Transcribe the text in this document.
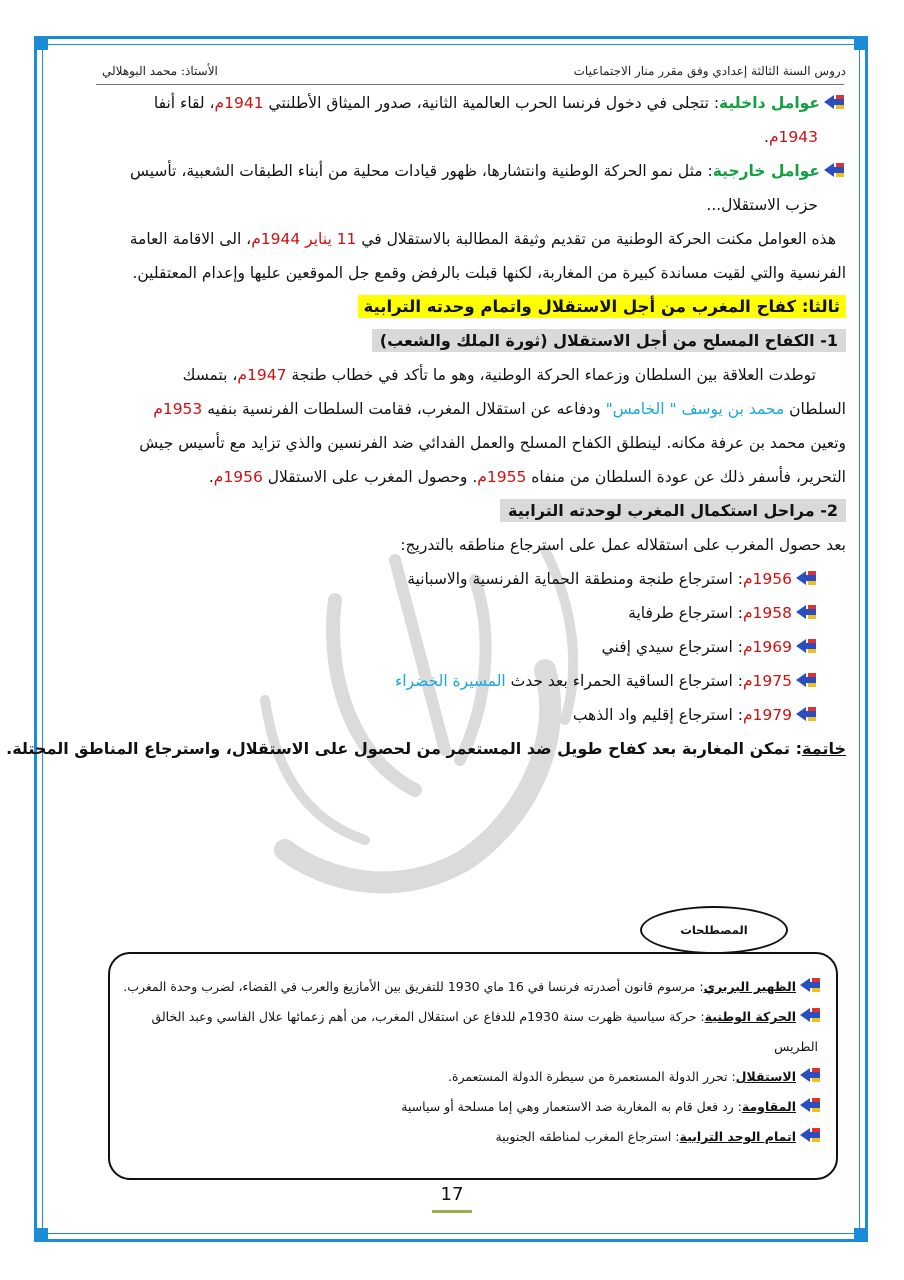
الأستاذ: محمد البوهلالي	دروس السنة الثالثة إعدادي وفق مقرر منار الاجتماعيات
عوامل داخلية: تتجلى في دخول فرنسا الحرب العالمية الثانية، صدور الميثاق الأطلنتي 1941م، لقاء أنفا
1943م.
عوامل خارجية: مثل نمو الحركة الوطنية وانتشارها، ظهور قيادات محلية من أبناء الطبقات الشعبية، تأسيس
حزب الاستقلال...
هذه العوامل مكنت الحركة الوطنية من تقديم وثيقة المطالبة بالاستقلال في 11 يناير 1944م، الى الاقامة العامة
الفرنسية والتي لقيت مساندة كبيرة من المغاربة، لكنها قبلت بالرفض وقمع جل الموقعين عليها وإعدام المعتقلين.
ثالثا: كفاح المغرب من أجل الاستقلال واتمام وحدته الترابية
1- الكفاح المسلح من أجل الاستقلال (ثورة الملك والشعب)
توطدت العلاقة بين السلطان وزعماء الحركة الوطنية، وهو ما تأكد في خطاب طنجة 1947م، بتمسك
السلطان محمد بن يوسف " الخامس" ودفاعه عن استقلال المغرب، فقامت السلطات الفرنسية بنفيه 1953م
وتعين محمد بن عرفة مكانه. لينطلق الكفاح المسلح والعمل الفدائي ضد الفرنسين والذي تزايد مع تأسيس جيش
التحرير، فأسفر ذلك عن عودة السلطان من منفاه 1955م. وحصول المغرب على الاستقلال 1956م.
2- مراحل استكمال المغرب لوحدته الترابية
بعد حصول المغرب على استقلاله عمل على استرجاع مناطقه بالتدريج:
1956م: استرجاع طنجة ومنطقة الحماية الفرنسية والاسبانية
1958م: استرجاع طرفاية
1969م: استرجاع سيدي إفني
1975م: استرجاع الساقية الحمراء بعد حدث المسيرة الخضراء
1979م: استرجاع إقليم واد الذهب
خاتمة: تمكن المغاربة بعد كفاح طويل ضد المستعمر من لحصول على الاستقلال، واسترجاع المناطق المحتلة.
المصطلحات
الظهير البربري: مرسوم قانون أصدرته فرنسا في 16 ماي 1930 للتفريق بين الأمازيغ والعرب في القضاء، لضرب وحدة المغرب.
الحركة الوطنية: حركة سياسية ظهرت سنة 1930م للدفاع عن استقلال المغرب، من أهم زعمائها علال الفاسي وعبد الخالق
الطريس
الاستقلال: تحرر الدولة المستعمرة من سيطرة الدولة المستعمرة.
المقاومة: رد فعل قام به المغاربة ضد الاستعمار وهي إما مسلحة أو سياسية
اتمام الوحد الترابية: استرجاع المغرب لمناطقه الجنوبية
17
